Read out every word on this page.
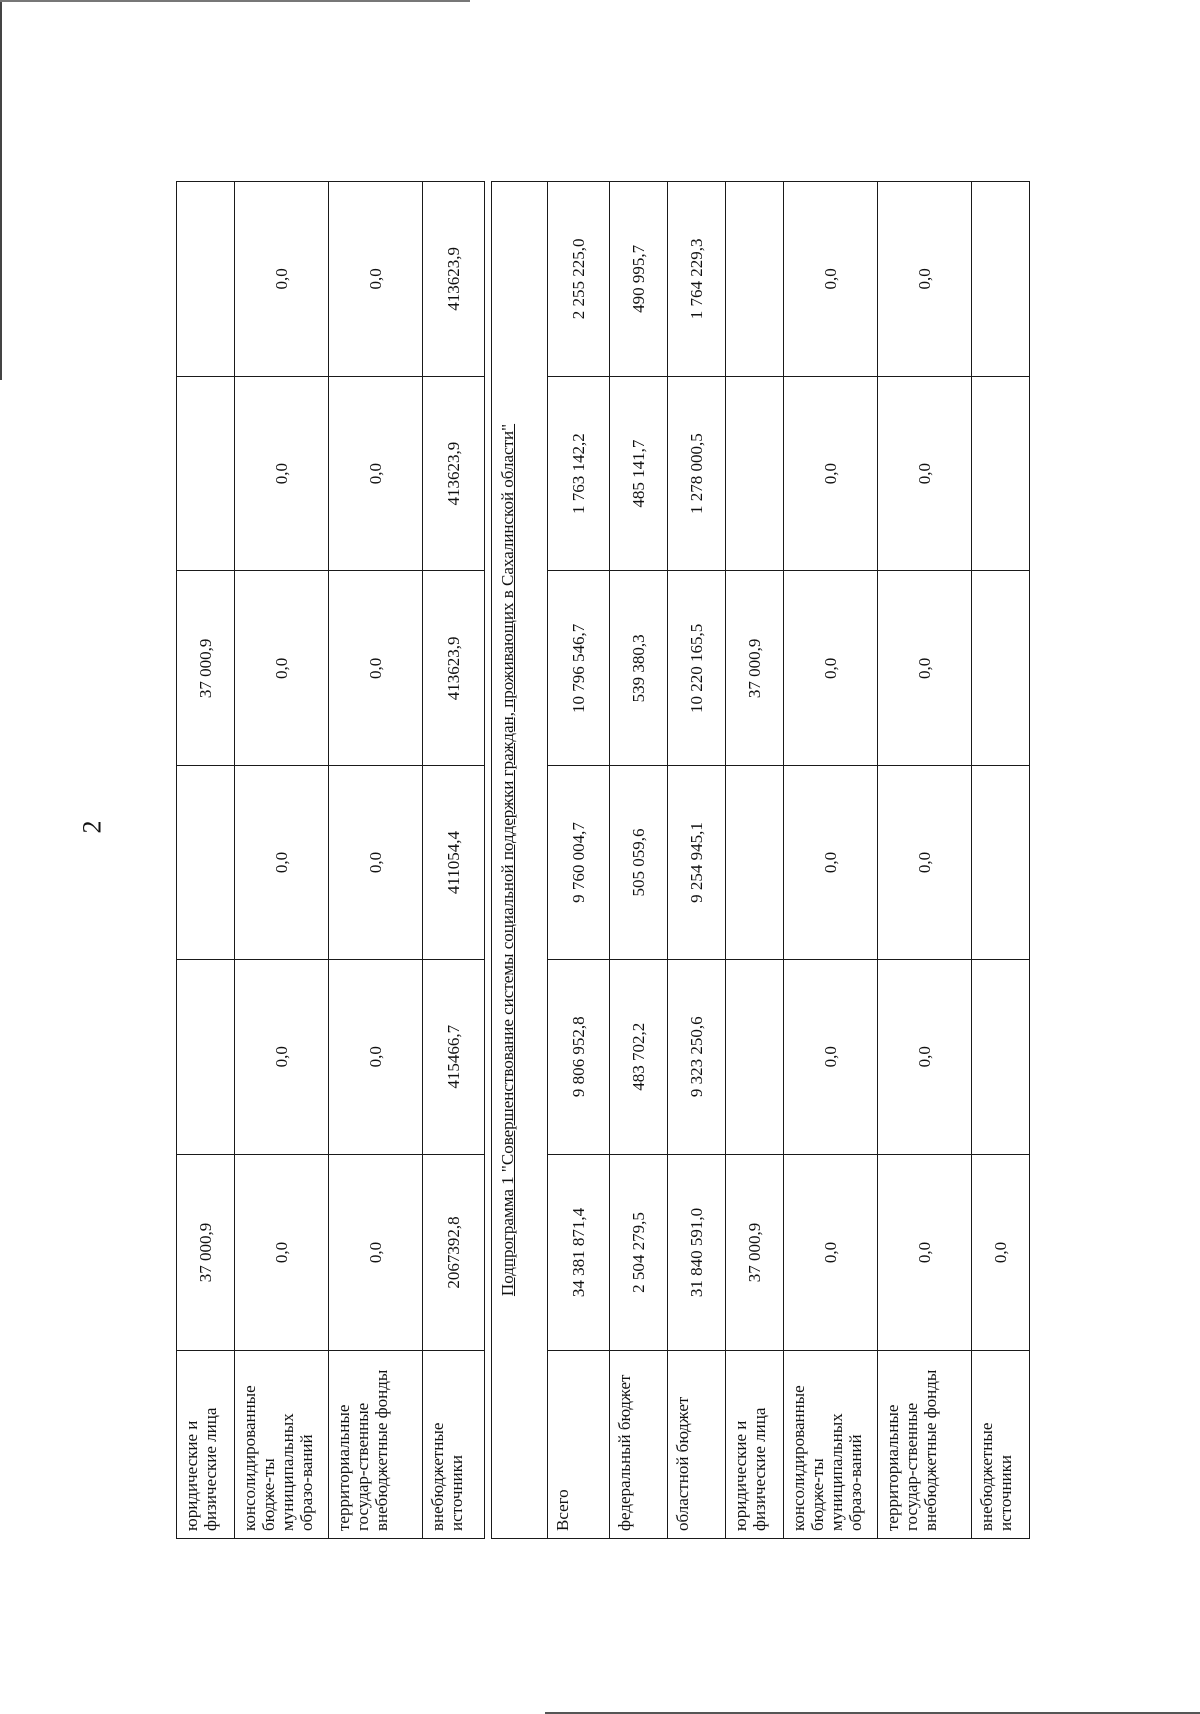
2
юридические и физические лица	37 000,9			37 000,9		
консолидированные бюдже-ты муниципальных образо-ваний	0,0	0,0	0,0	0,0	0,0	0,0
территориальные государ-ственные внебюджетные фонды	0,0	0,0	0,0	0,0	0,0	0,0
внебюджетные источники	2067392,8	415466,7	411054,4	413623,9	413623,9	413623,9

Подпрограмма 1 "Совершенствование системы социальной поддержки граждан, проживающих в Сахалинской области"						
Всего	34 381 871,4	9 806 952,8	9 760 004,7	10 796 546,7	1 763 142,2	2 255 225,0
федеральный бюджет	2 504 279,5	483 702,2	505 059,6	539 380,3	485 141,7	490 995,7
областной бюджет	31 840 591,0	9 323 250,6	9 254 945,1	10 220 165,5	1 278 000,5	1 764 229,3
юридические и физические лица	37 000,9			37 000,9		
консолидированные бюдже-ты муниципальных образо-ваний	0,0	0,0	0,0	0,0	0,0	0,0
территориальные государ-ственные внебюджетные фонды	0,0	0,0	0,0	0,0	0,0	0,0
внебюджетные источники	0,0					
